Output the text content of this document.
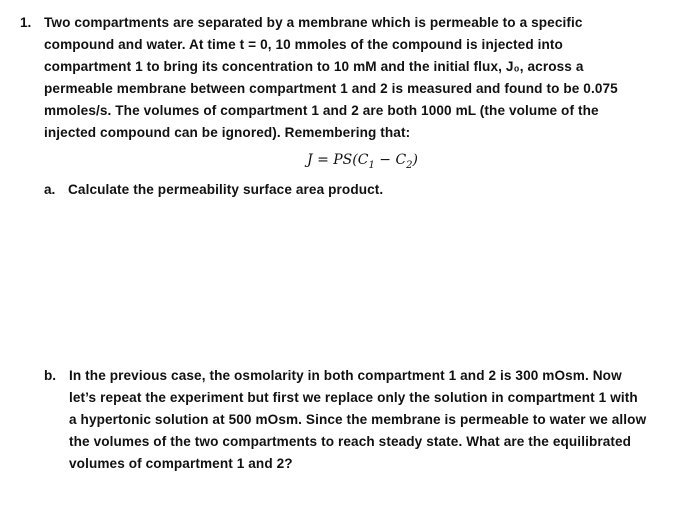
1. Two compartments are separated by a membrane which is permeable to a specific
compound and water. At time t = 0, 10 mmoles of the compound is injected into
compartment 1 to bring its concentration to 10 mM and the initial flux, J₀, across a
permeable membrane between compartment 1 and 2 is measured and found to be 0.075
mmoles/s. The volumes of compartment 1 and 2 are both 1000 mL (the volume of the
injected compound can be ignored). Remembering that:
$J = PS(C_1 - C_2)$
a. Calculate the permeability surface area product.
b. In the previous case, the osmolarity in both compartment 1 and 2 is 300 mOsm. Now
let’s repeat the experiment but first we replace only the solution in compartment 1 with
a hypertonic solution at 500 mOsm. Since the membrane is permeable to water we allow
the volumes of the two compartments to reach steady state. What are the equilibrated
volumes of compartment 1 and 2?
